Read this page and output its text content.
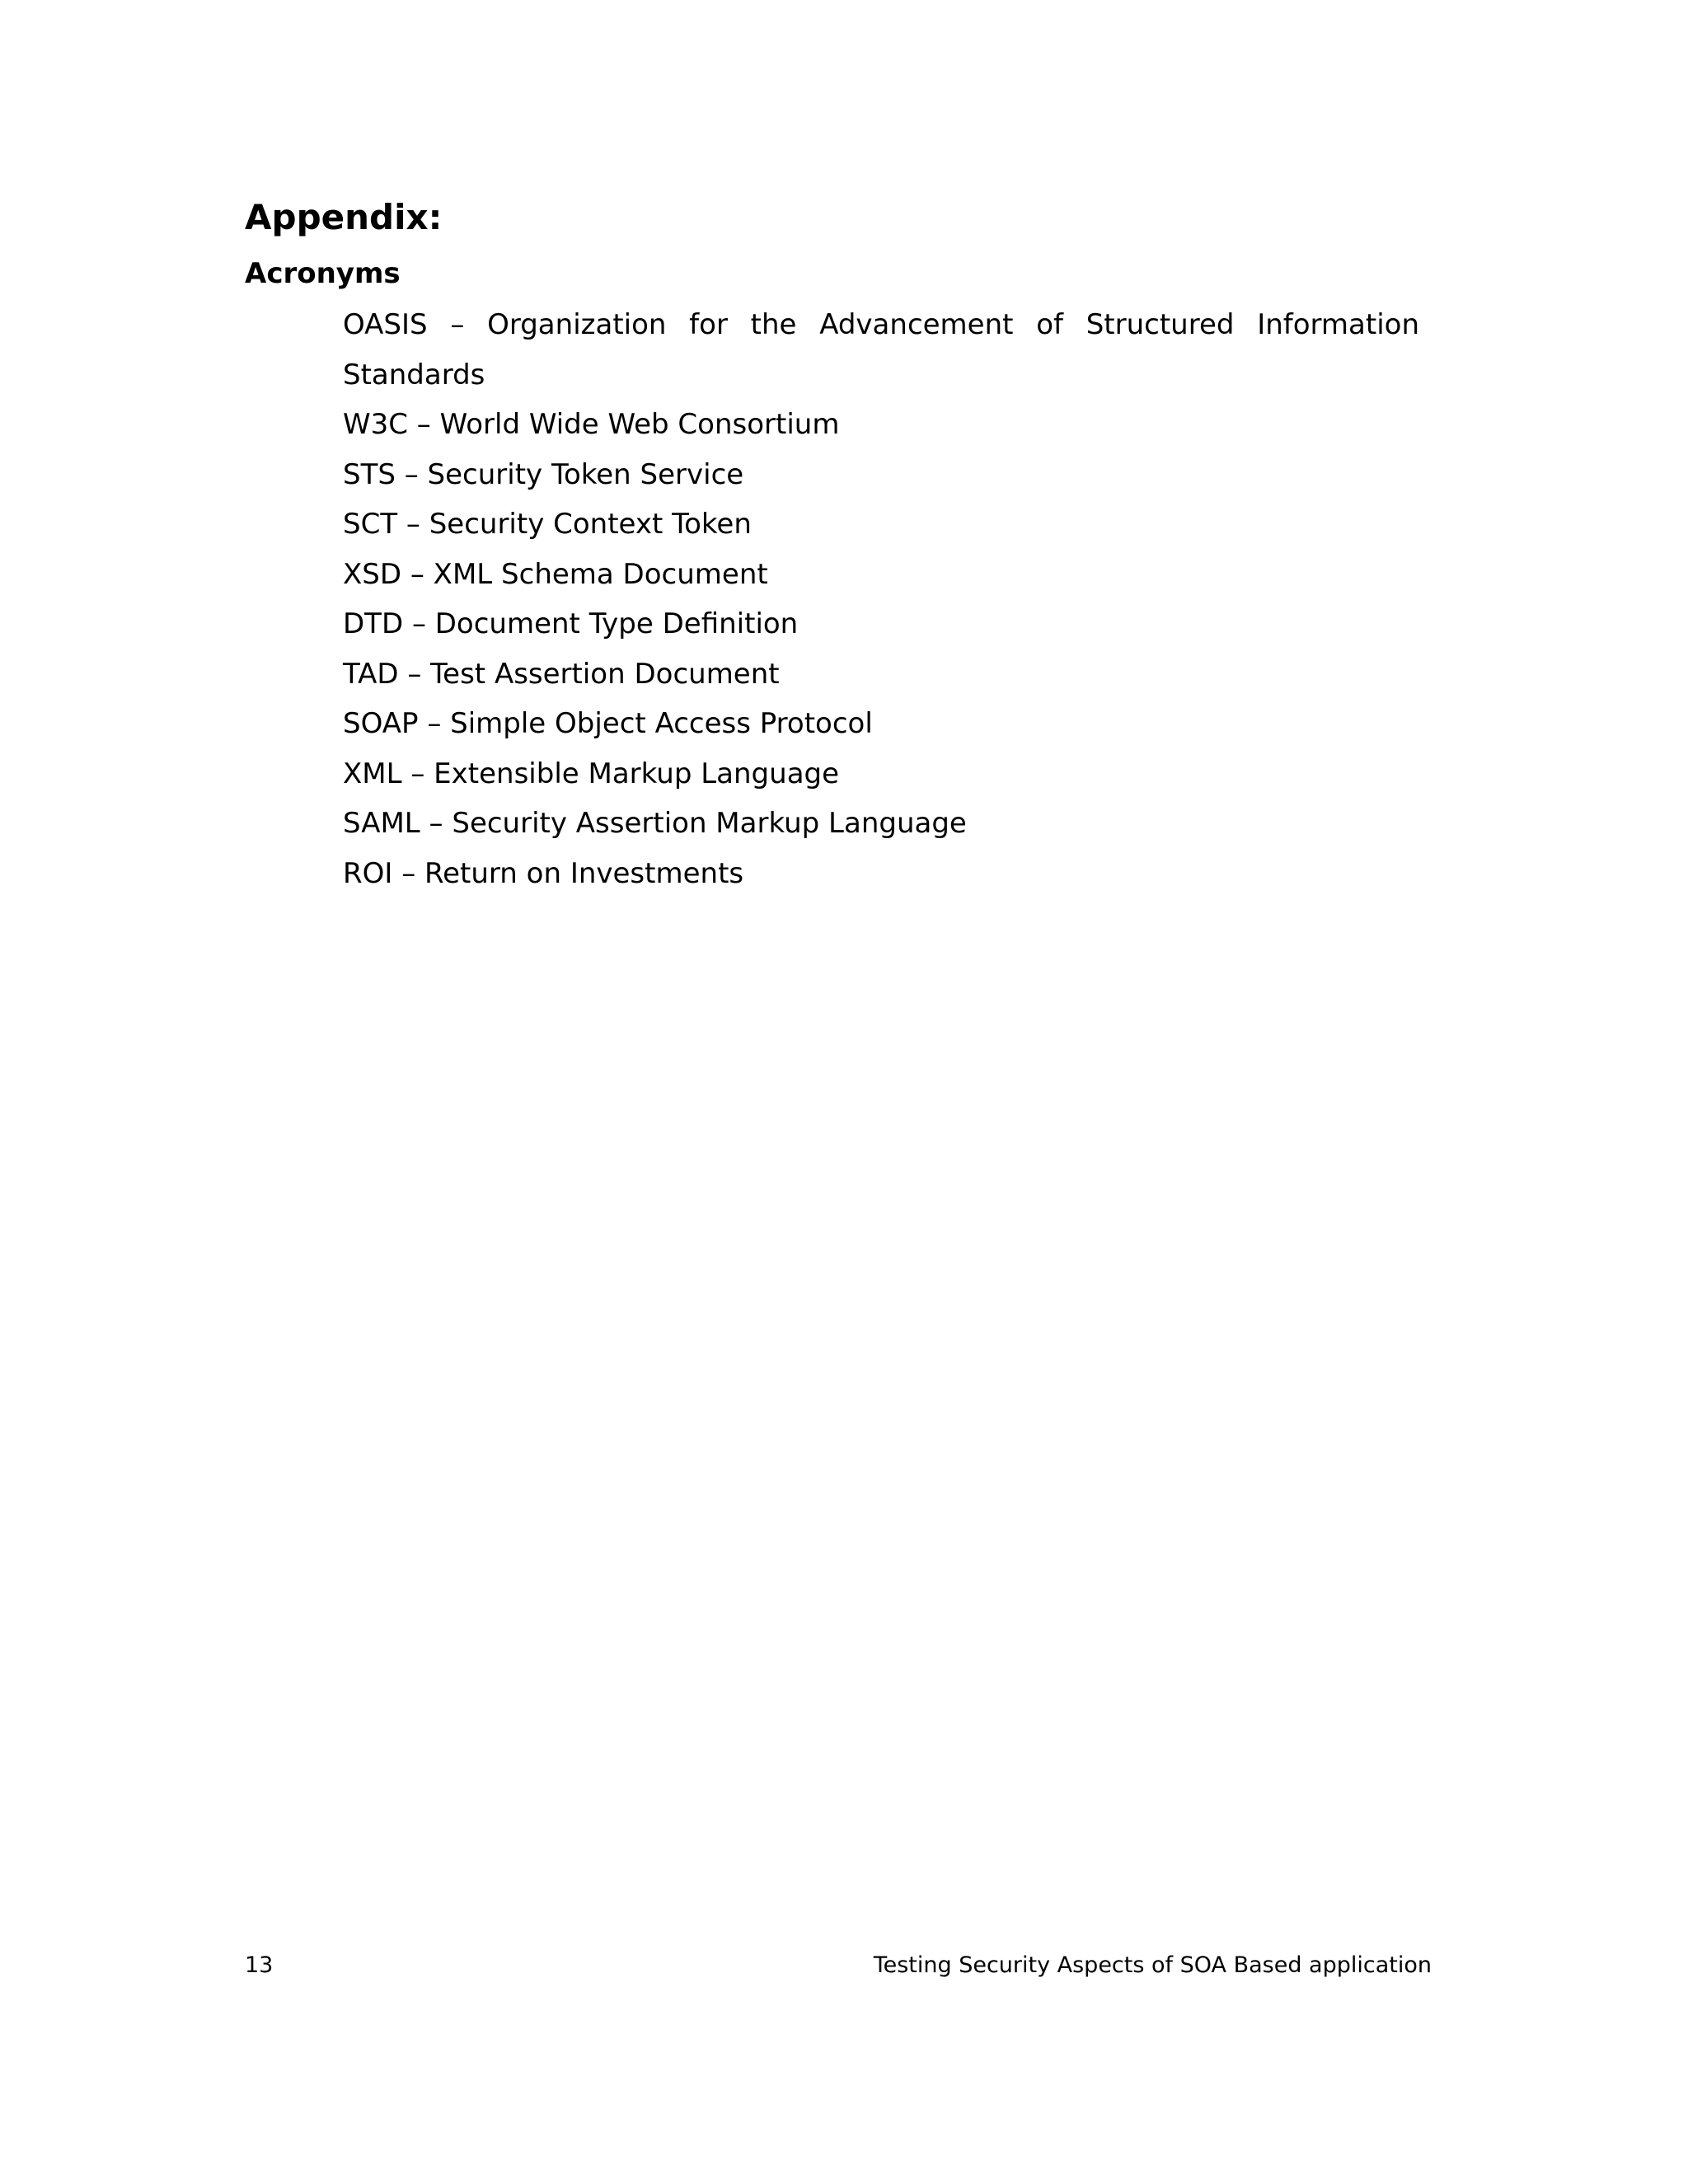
Appendix:
Acronyms
OASIS – Organization for the Advancement of Structured Information Standards
W3C – World Wide Web Consortium
STS – Security Token Service
SCT – Security Context Token
XSD – XML Schema Document
DTD – Document Type Definition
TAD – Test Assertion Document
SOAP – Simple Object Access Protocol
XML – Extensible Markup Language
SAML – Security Assertion Markup Language
ROI – Return on Investments
13	Testing Security Aspects of SOA Based application
